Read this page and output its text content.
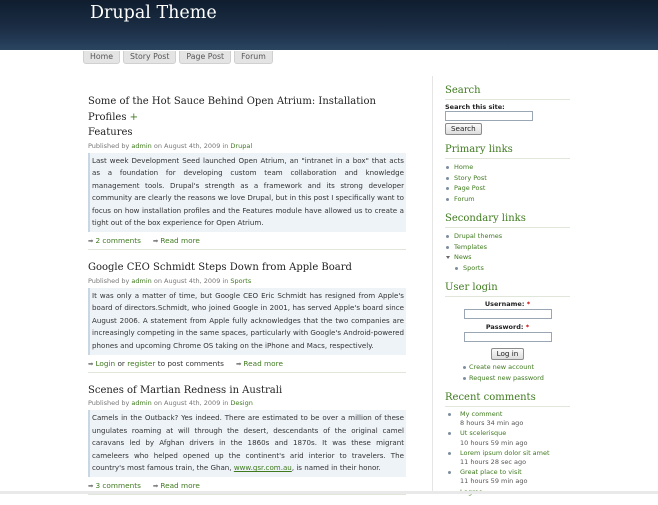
Drupal Theme
Home	Story Post	Page Post	Forum
Some of the Hot Sauce Behind Open Atrium: Installation Profiles +
Features
Published by admin on August 4th, 2009 in Drupal
Last week Development Seed launched Open Atrium, an "intranet in a box" that acts as a foundation for developing custom team collaboration and knowledge management tools. Drupal's strength as a framework and its strong developer community are clearly the reasons we love Drupal, but in this post I specifically want to focus on how installation profiles and the Features module have allowed us to create a tight out of the box experience for Open Atrium.
➡ 2 comments ➡ Read more
Google CEO Schmidt Steps Down from Apple Board
Published by admin on August 4th, 2009 in Sports
It was only a matter of time, but Google CEO Eric Schmidt has resigned from Apple's board of directors.Schmidt, who joined Google in 2001, has served Apple's board since August 2006. A statement from Apple fully acknowledges that the two companies are increasingly competing in the same spaces, particularly with Google's Android-powered phones and upcoming Chrome OS taking on the iPhone and Macs, respectively.
➡ Login or register to post comments ➡ Read more
Scenes of Martian Redness in Australi
Published by admin on August 4th, 2009 in Design
Camels in the Outback? Yes indeed. There are estimated to be over a million of these ungulates roaming at will through the desert, descendants of the original camel caravans led by Afghan drivers in the 1860s and 1870s. It was these migrant cameleers who helped opened up the continent's arid interior to travelers. The country's most famous train, the Ghan, www.gsr.com.au, is named in their honor.
➡ 3 comments ➡ Read more
Search
Search this site:
Search
Primary links
Home
Story Post
Page Post
Forum
Secondary links
Drupal themes
Templates
News
Sports
User login
Username: *
Password: *
Log in
Create new account
Request new password
Recent comments
My comment
8 hours 34 min ago
Ut scelerisque
10 hours 59 min ago
Lorem ipsum dolor sit amet
11 hours 28 sec ago
Great place to visit
11 hours 59 min ago
